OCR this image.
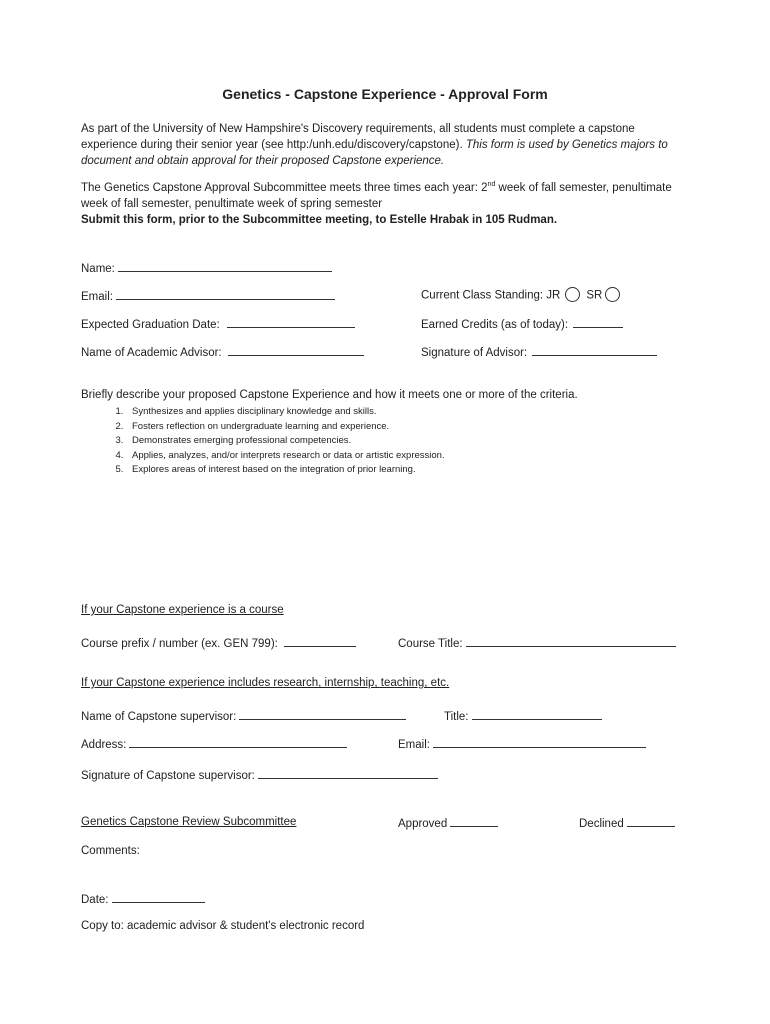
Genetics - Capstone Experience - Approval Form

As part of the University of New Hampshire's Discovery requirements, all students must complete a capstone experience during their senior year (see http:/unh.edu/discovery/capstone). This form is used by Genetics majors to document and obtain approval for their proposed Capstone experience.

The Genetics Capstone Approval Subcommittee meets three times each year: 2nd week of fall semester, penultimate week of fall semester, penultimate week of spring semester

Submit this form, prior to the Subcommittee meeting, to Estelle Hrabak in 105 Rudman.

Name:
Email:	Current Class Standing: JR SR
Expected Graduation Date:	Earned Credits (as of today):
Name of Academic Advisor:	Signature of Advisor:
Briefly describe your proposed Capstone Experience and how it meets one or more of the criteria.
1. Synthesizes and applies disciplinary knowledge and skills.
2. Fosters reflection on undergraduate learning and experience.
3. Demonstrates emerging professional competencies.
4. Applies, analyzes, and/or interprets research or data or artistic expression.
5. Explores areas of interest based on the integration of prior learning.
If your Capstone experience is a course
Course prefix / number (ex. GEN 799):	Course Title:
If your Capstone experience includes research, internship, teaching, etc.
Name of Capstone supervisor:	Title:
Address:	Email:
Signature of Capstone supervisor:
Genetics Capstone Review Subcommittee	Approved	Declined
Comments:
Date:
Copy to: academic advisor & student's electronic record
